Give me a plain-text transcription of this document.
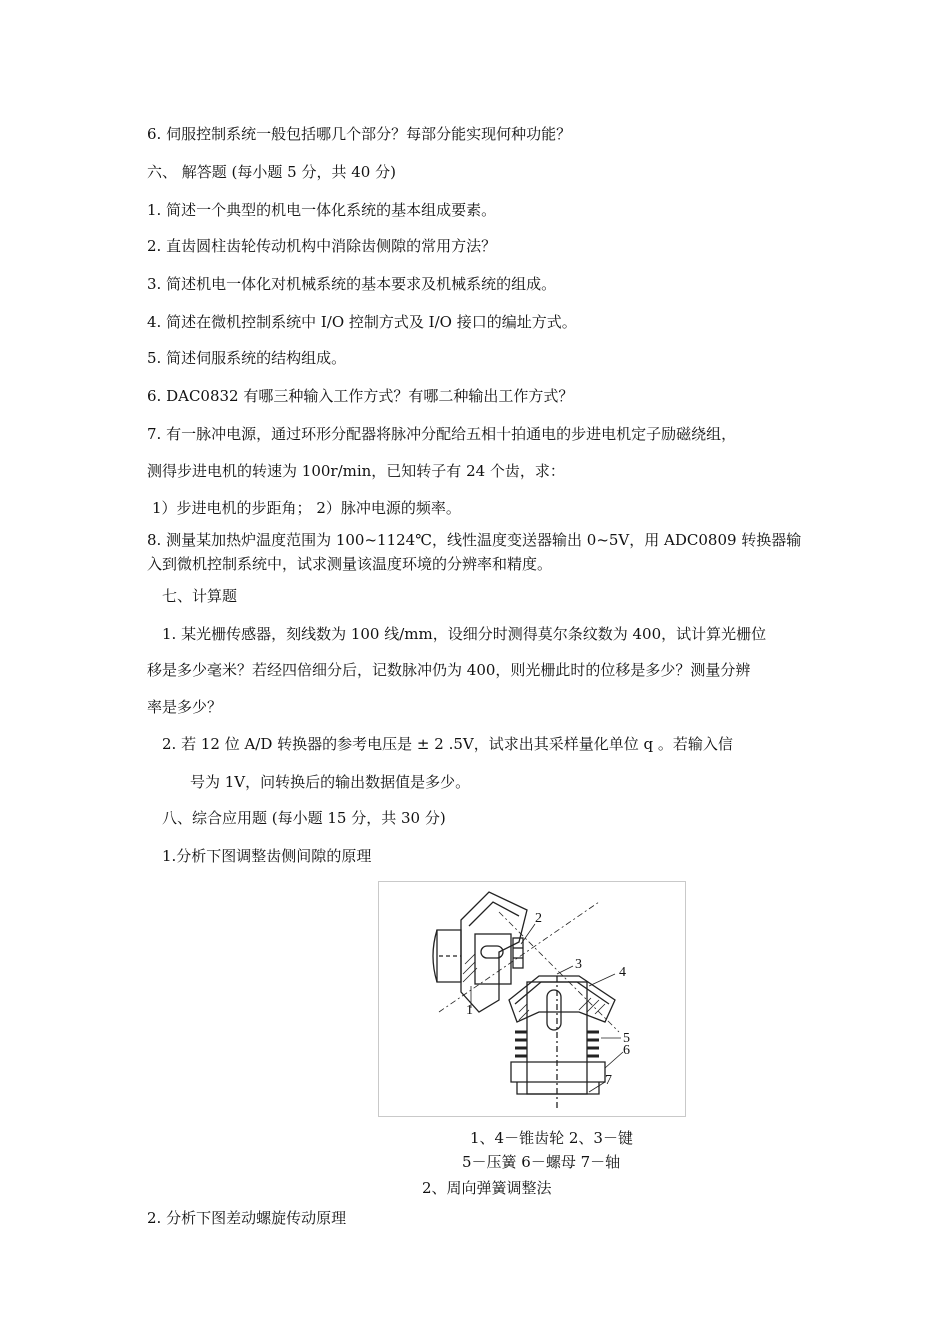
6. 伺服控制系统一般包括哪几个部分？每部分能实现何种功能？
六、 解答题 (每小题 5 分，共 40 分)
1. 简述一个典型的机电一体化系统的基本组成要素。
2. 直齿圆柱齿轮传动机构中消除齿侧隙的常用方法？
3. 简述机电一体化对机械系统的基本要求及机械系统的组成。
4. 简述在微机控制系统中 I/O 控制方式及 I/O 接口的编址方式。
5. 简述伺服系统的结构组成。
6. DAC0832 有哪三种输入工作方式？有哪二种输出工作方式？
7. 有一脉冲电源，通过环形分配器将脉冲分配给五相十拍通电的步进电机定子励磁绕组，
测得步进电机的转速为 100r/min，已知转子有 24 个齿，求：
1）步进电机的步距角； 2）脉冲电源的频率。
8. 测量某加热炉温度范围为 100~1124℃，线性温度变送器输出 0~5V，用 ADC0809 转换器输
入到微机控制系统中，试求测量该温度环境的分辨率和精度。
七、计算题
1. 某光栅传感器，刻线数为 100 线/mm，设细分时测得莫尔条纹数为 400，试计算光栅位
移是多少毫米？若经四倍细分后，记数脉冲仍为 400，则光栅此时的位移是多少？测量分辨
率是多少？
2. 若 12 位 A/D 转换器的参考电压是 ± 2 .5V，试求出其采样量化单位 q 。若输入信
号为 1V，问转换后的输出数据值是多少。
八、综合应用题 (每小题 15 分，共 30 分)
1.分析下图调整齿侧间隙的原理
1
2
3
4
5
6
7
1、4－锥齿轮 2、3－键
5－压簧 6－螺母 7－轴
2、周向弹簧调整法
2. 分析下图差动螺旋传动原理
